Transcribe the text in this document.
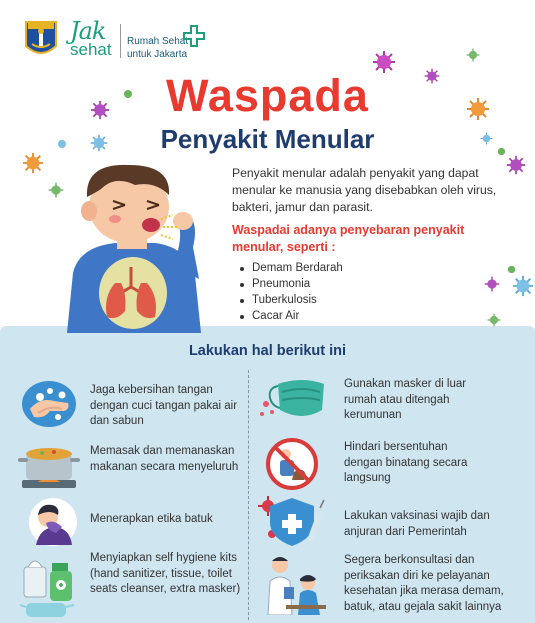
Jak
sehat Rumah Sehat
untuk Jakarta
Waspada
Penyakit Menular
Penyakit menular adalah penyakit yang dapat menular ke manusia yang disebabkan oleh virus, bakteri, jamur dan parasit.
Waspadai adanya penyebaran penyakit menular, seperti :
Demam Berdarah
Pneumonia
Tuberkulosis
Cacar Air
Lakukan hal berikut ini
Jaga kebersihan tangan dengan cuci tangan pakai air dan sabun
Memasak dan memanaskan makanan secara menyeluruh
Menerapkan etika batuk
Menyiapkan self hygiene kits (hand sanitizer, tissue, toilet seats cleanser, extra masker)
Gunakan masker di luar rumah atau ditengah kerumunan
Hindari bersentuhan dengan binatang secara langsung
Lakukan vaksinasi wajib dan anjuran dari Pemerintah
Segera berkonsultasi dan periksakan diri ke pelayanan kesehatan jika merasa demam, batuk, atau gejala sakit lainnya
